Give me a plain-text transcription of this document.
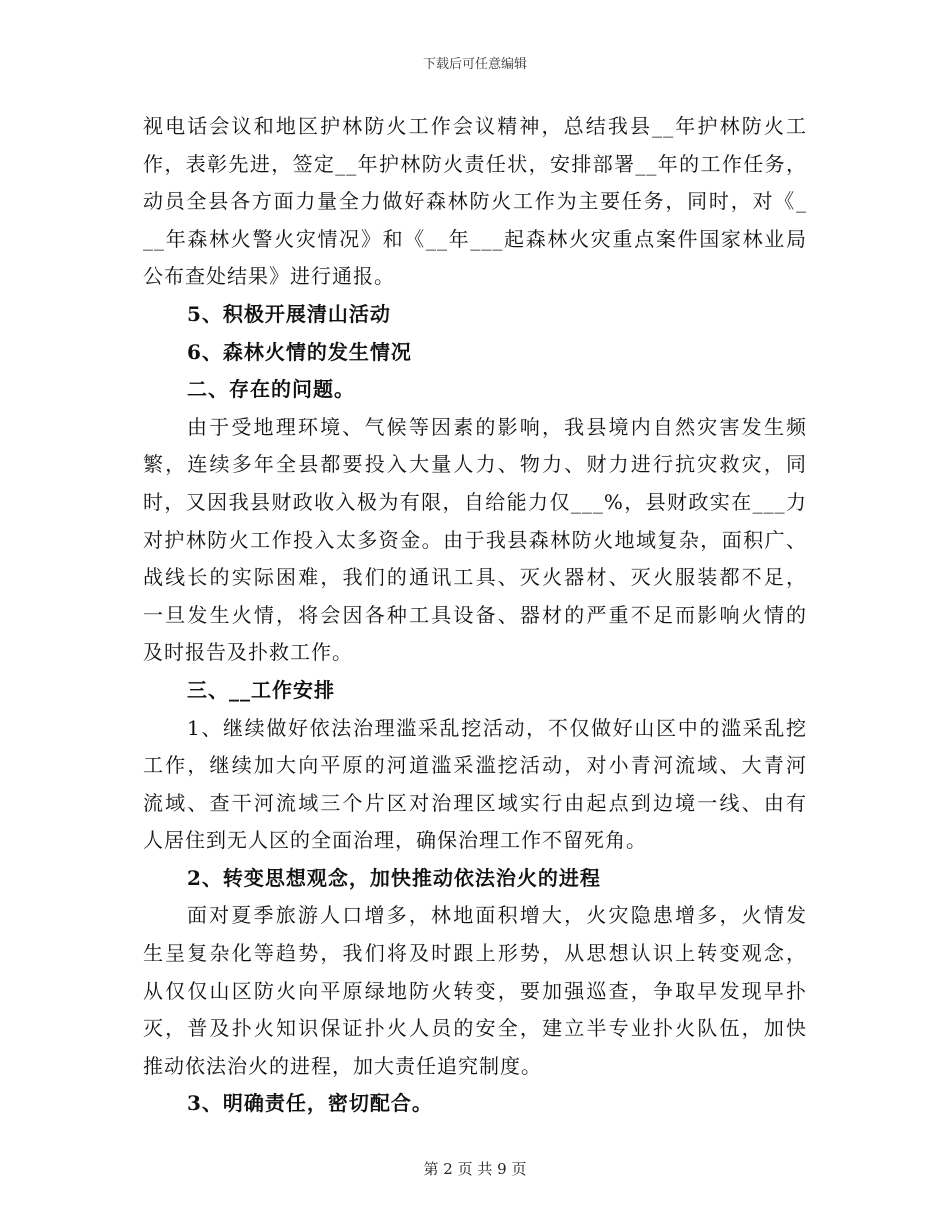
下载后可任意编辑
视电话会议和地区护林防火工作会议精神，总结我县__年护林防火工
作，表彰先进，签定__年护林防火责任状，安排部署__年的工作任务，
动员全县各方面力量全力做好森林防火工作为主要任务，同时，对《_
__年森林火警火灾情况》和《__年___起森林火灾重点案件国家林业局
公布查处结果》进行通报。
5、积极开展清山活动
6、森林火情的发生情况
二、存在的问题。
由于受地理环境、气候等因素的影响，我县境内自然灾害发生频
繁，连续多年全县都要投入大量人力、物力、财力进行抗灾救灾，同
时，又因我县财政收入极为有限，自给能力仅___%，县财政实在___力
对护林防火工作投入太多资金。由于我县森林防火地域复杂，面积广、
战线长的实际困难，我们的通讯工具、灭火器材、灭火服装都不足，
一旦发生火情，将会因各种工具设备、器材的严重不足而影响火情的
及时报告及扑救工作。
三、__工作安排
1、继续做好依法治理滥采乱挖活动，不仅做好山区中的滥采乱挖
工作，继续加大向平原的河道滥采滥挖活动，对小青河流域、大青河
流域、查干河流域三个片区对治理区域实行由起点到边境一线、由有
人居住到无人区的全面治理，确保治理工作不留死角。
2、转变思想观念，加快推动依法治火的进程
面对夏季旅游人口增多，林地面积增大，火灾隐患增多，火情发
生呈复杂化等趋势，我们将及时跟上形势，从思想认识上转变观念，
从仅仅山区防火向平原绿地防火转变，要加强巡查，争取早发现早扑
灭，普及扑火知识保证扑火人员的安全，建立半专业扑火队伍，加快
推动依法治火的进程，加大责任追究制度。
3、明确责任，密切配合。
第 2 页 共 9 页
